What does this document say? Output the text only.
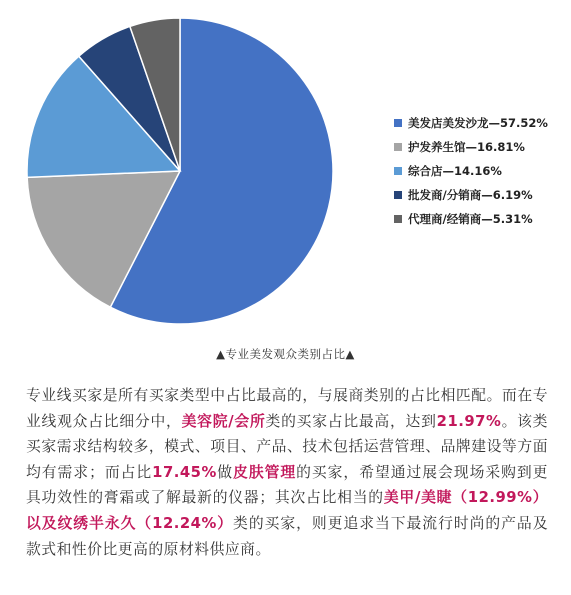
美发店美发沙龙—57.52%
护发养生馆—16.81%
综合店—14.16%
批发商/分销商—6.19%
代理商/经销商—5.31%
▲专业美发观众类别占比▲
专业线买家是所有买家类型中占比最高的，与展商类别的占比相匹配。而在专业线观众占比细分中，美容院/会所类的买家占比最高，达到21.97%。该类买家需求结构较多，模式、项目、产品、技术包括运营管理、品牌建设等方面均有需求；而占比17.45%做皮肤管理的买家，希望通过展会现场采购到更具功效性的膏霜或了解最新的仪器；其次占比相当的美甲/美睫（12.99%）以及纹绣半永久（12.24%）类的买家，则更追求当下最流行时尚的产品及款式和性价比更高的原材料供应商。
